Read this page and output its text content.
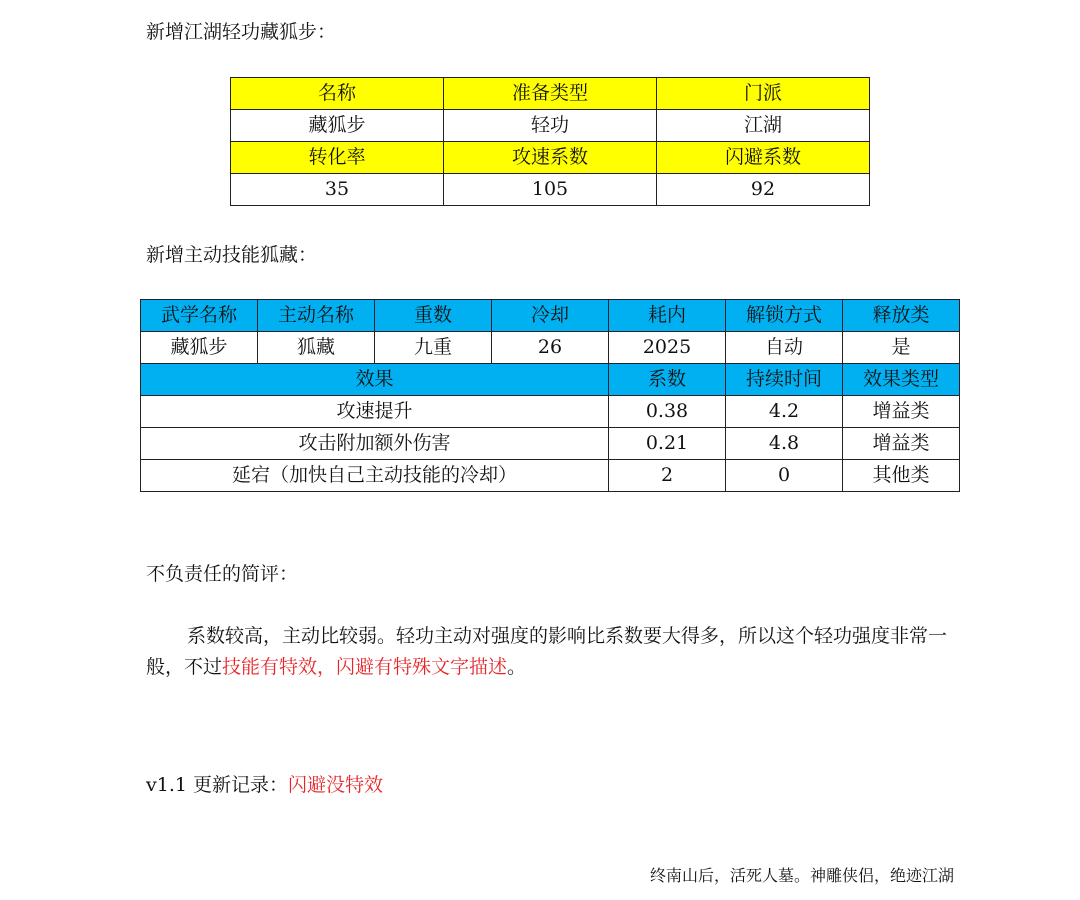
新增江湖轻功藏狐步：
名称	准备类型	门派
藏狐步	轻功	江湖
转化率	攻速系数	闪避系数
35	105	92
新增主动技能狐藏：
武学名称	主动名称	重数	冷却	耗内	解锁方式	释放类
藏狐步	狐藏	九重	26	2025	自动	是
效果				系数	持续时间	效果类型
攻速提升				0.38	4.2	增益类
攻击附加额外伤害				0.21	4.8	增益类
延宕（加快自己主动技能的冷却）				2	0	其他类
不负责任的简评：

系数较高，主动比较弱。轻功主动对强度的影响比系数要大得多，所以这个轻功强度非常一般，不过技能有特效，闪避有特殊文字描述。

v1.1 更新记录：闪避没特效
终南山后，活死人墓。神雕侠侣，绝迹江湖
